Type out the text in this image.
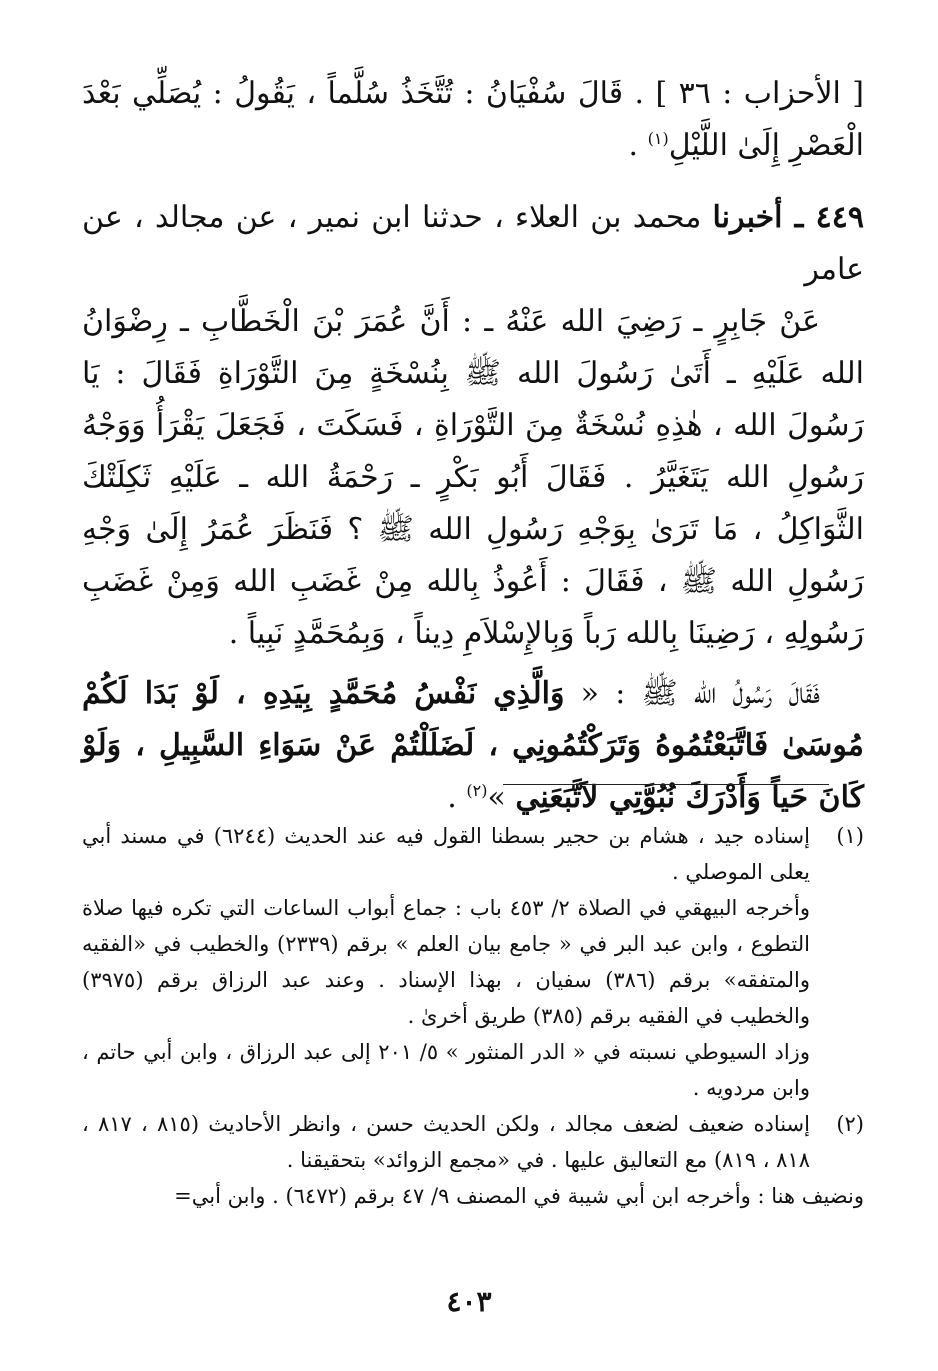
[ الأحزاب : ٣٦ ] . قَالَ سُفْيَانُ : تُتَّخَذُ سُلَّماً ، يَقُولُ : يُصَلِّي بَعْدَ الْعَصْرِ إِلَىٰ اللَّيْلِ$^{(١)}$ .

٤٤٩ ـ أخبرنا محمد بن العلاء ، حدثنا ابن نمير ، عن مجالد ، عن عامر

عَنْ جَابِرٍ ـ رَضِيَ الله عَنْهُ ـ : أَنَّ عُمَرَ بْنَ الْخَطَّابِ ـ رِضْوَانُ الله عَلَيْهِ ـ أَتَىٰ رَسُولَ الله ﷺ بِنُسْخَةٍ مِنَ التَّوْرَاةِ فَقَالَ : يَا رَسُولَ الله ، هٰذِهِ نُسْخَةٌ مِنَ التَّوْرَاةِ ، فَسَكَتَ ، فَجَعَلَ يَقْرَأُ وَوَجْهُ رَسُولِ الله يَتَغَيَّرُ . فَقَالَ أَبُو بَكْرٍ ـ رَحْمَةُ الله ـ عَلَيْهِ ثَكِلَتْكَ الثَّوَاكِلُ ، مَا تَرَىٰ بِوَجْهِ رَسُولِ الله ﷺ ؟ فَنَظَرَ عُمَرُ إِلَىٰ وَجْهِ رَسُولِ الله ﷺ ، فَقَالَ : أَعُوذُ بِالله مِنْ غَضَبِ الله وَمِنْ غَضَبِ رَسُولِهِ ، رَضِينَا بِالله رَباً وَبِالإِسْلاَمِ دِيناً ، وَبِمُحَمَّدٍ نَبِياً .

فَقَالَ رَسُولُ الله ﷺ : « وَالَّذِي نَفْسُ مُحَمَّدٍ بِيَدِهِ ، لَوْ بَدَا لَكُمْ مُوسَىٰ فَاتَّبَعْتُمُوهُ وَتَرَكْتُمُونِي ، لَضَلَلْتُمْ عَنْ سَوَاءِ السَّبِيلِ ، وَلَوْ كَانَ حَياً وَأَدْرَكَ نُبُوَّتِي لاَتَّبَعَنِي »$^{(٢)}$ .

(١)

إسناده جيد ، هشام بن حجير بسطنا القول فيه عند الحديث (٦٢٤٤) في مسند أبي يعلى الموصلي .

وأخرجه البيهقي في الصلاة ٢/ ٤٥٣ باب : جماع أبواب الساعات التي تكره فيها صلاة التطوع ، وابن عبد البر في « جامع بيان العلم » برقم (٢٣٣٩) والخطيب في «الفقيه والمتفقه» برقم (٣٨٦) سفيان ، بهذا الإسناد . وعند عبد الرزاق برقم (٣٩٧٥) والخطيب في الفقيه برقم (٣٨٥) طريق أخرىٰ .

وزاد السيوطي نسبته في « الدر المنثور » ٥/ ٢٠١ إلى عبد الرزاق ، وابن أبي حاتم ، وابن مردويه .

(٢)

إسناده ضعيف لضعف مجالد ، ولكن الحديث حسن ، وانظر الأحاديث (٨١٥ ، ٨١٧ ، ٨١٨ ، ٨١٩) مع التعاليق عليها . في «مجمع الزوائد» بتحقيقنا .

ونضيف هنا : وأخرجه ابن أبي شيبة في المصنف ٩/ ٤٧ برقم (٦٤٧٢) . وابن أبي=

٤٠٣
